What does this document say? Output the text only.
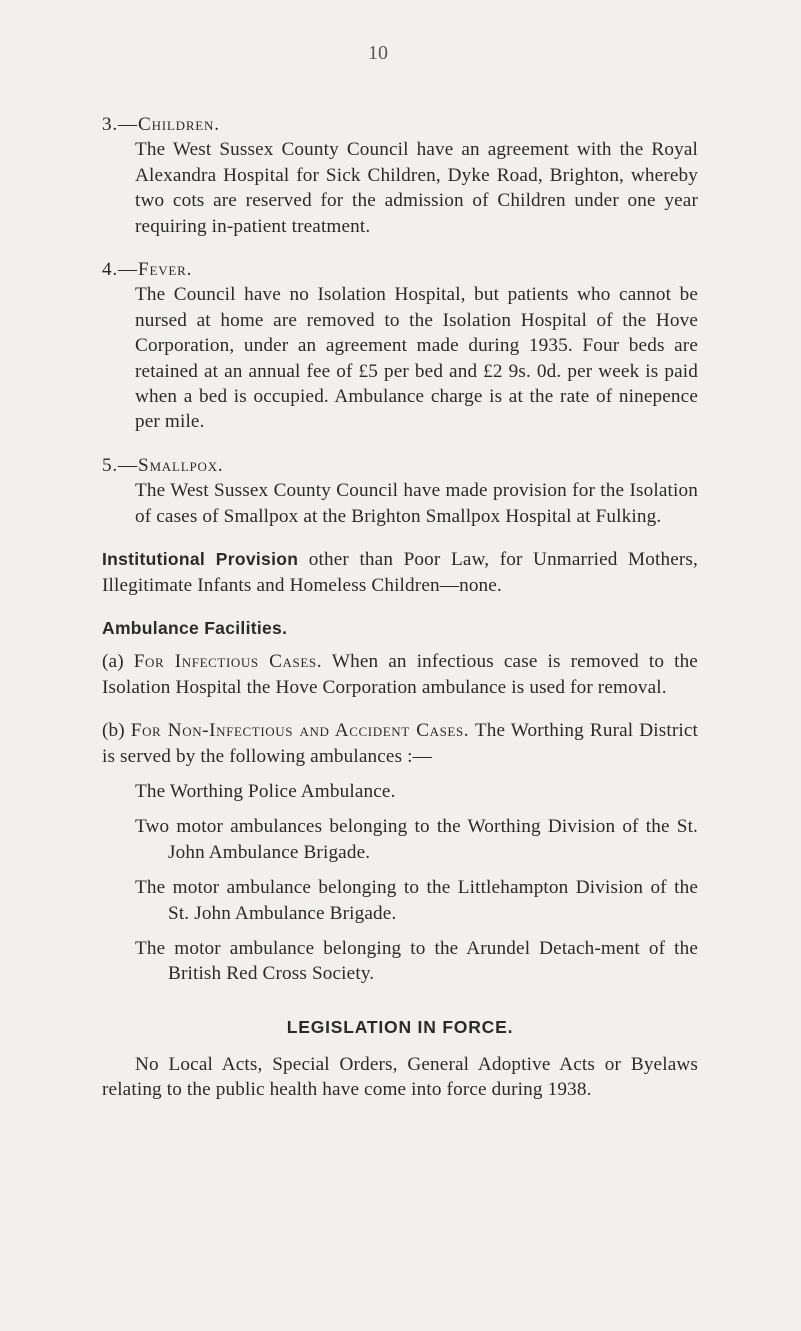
10

3.—Children.

The West Sussex County Council have an agreement with the Royal Alexandra Hospital for Sick Children, Dyke Road, Brighton, whereby two cots are reserved for the admission of Children under one year requiring in-patient treatment.

4.—Fever.

The Council have no Isolation Hospital, but patients who cannot be nursed at home are removed to the Isolation Hospital of the Hove Corporation, under an agreement made during 1935. Four beds are retained at an annual fee of £5 per bed and £2 9s. 0d. per week is paid when a bed is occupied. Ambulance charge is at the rate of ninepence per mile.

5.—Smallpox.

The West Sussex County Council have made provision for the Isolation of cases of Smallpox at the Brighton Smallpox Hospital at Fulking.

Institutional Provision other than Poor Law, for Unmarried Mothers, Illegitimate Infants and Homeless Children—none.

Ambulance Facilities.

(a) For Infectious Cases. When an infectious case is removed to the Isolation Hospital the Hove Corporation ambulance is used for removal.

(b) For Non-Infectious and Accident Cases. The Worthing Rural District is served by the following ambulances :—

The Worthing Police Ambulance.

Two motor ambulances belonging to the Worthing Division of the St. John Ambulance Brigade.

The motor ambulance belonging to the Littlehampton Division of the St. John Ambulance Brigade.

The motor ambulance belonging to the Arundel Detach-ment of the British Red Cross Society.

LEGISLATION IN FORCE.

No Local Acts, Special Orders, General Adoptive Acts or Byelaws relating to the public health have come into force during 1938.
